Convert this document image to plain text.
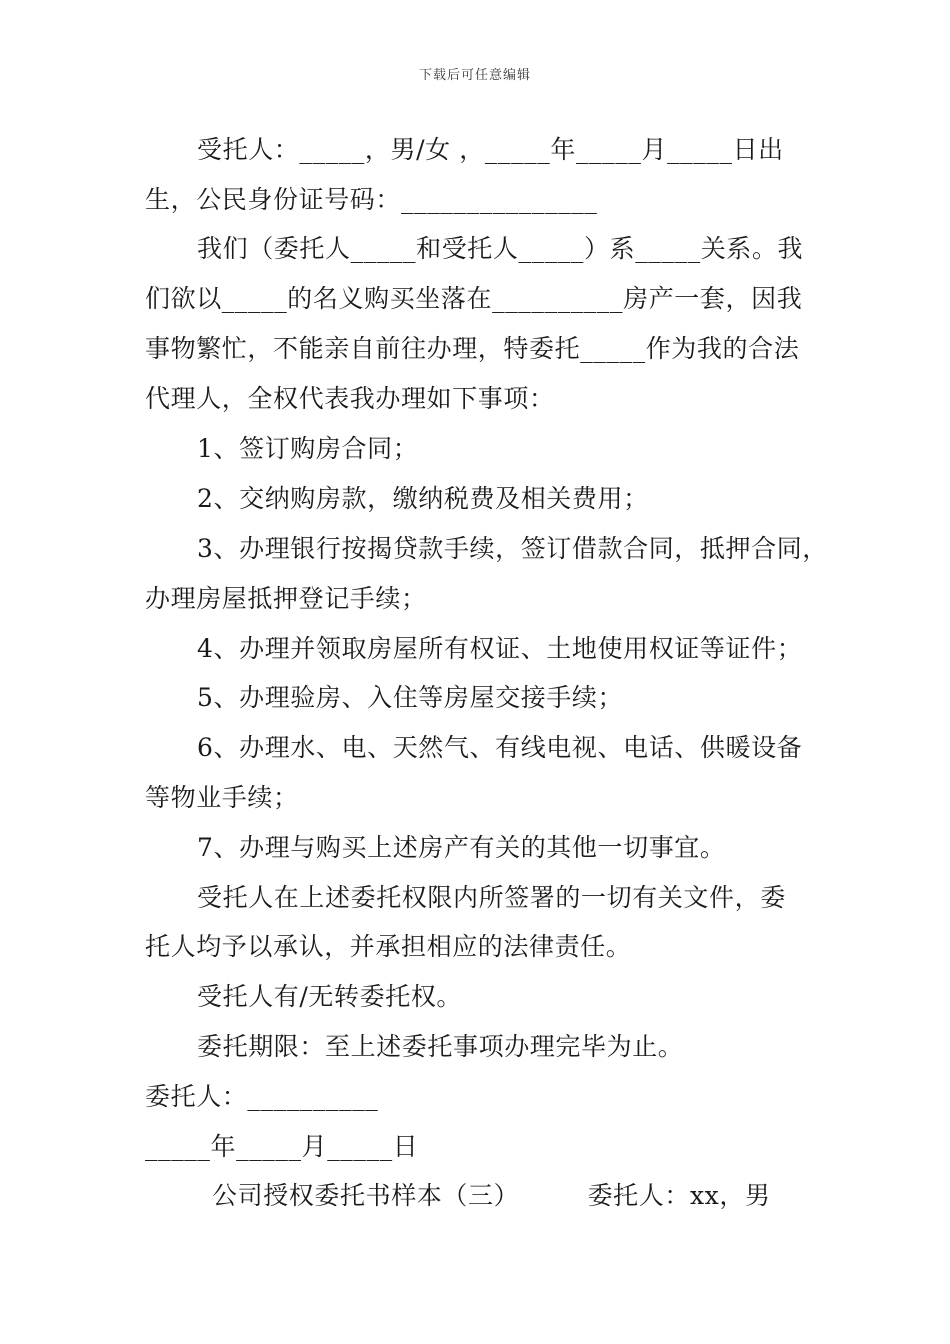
下载后可任意编辑
受托人：_____，男/女 ，_____年_____月_____日出
生，公民身份证号码：_______________
我们（委托人_____和受托人_____）系_____关系。我
们欲以_____的名义购买坐落在__________房产一套，因我
事物繁忙，不能亲自前往办理，特委托_____作为我的合法
代理人，全权代表我办理如下事项：
1、签订购房合同；
2、交纳购房款，缴纳税费及相关费用；
3、办理银行按揭贷款手续，签订借款合同，抵押合同，
办理房屋抵押登记手续；
4、办理并领取房屋所有权证、土地使用权证等证件；
5、办理验房、入住等房屋交接手续；
6、办理水、电、天然气、有线电视、电话、供暖设备
等物业手续；
7、办理与购买上述房产有关的其他一切事宜。
受托人在上述委托权限内所签署的一切有关文件，委
托人均予以承认，并承担相应的法律责任。
受托人有/无转委托权。
委托期限：至上述委托事项办理完毕为止。
委托人：__________
_____年_____月_____日
公司授权委托书样本（三）        委托人：xx，男
